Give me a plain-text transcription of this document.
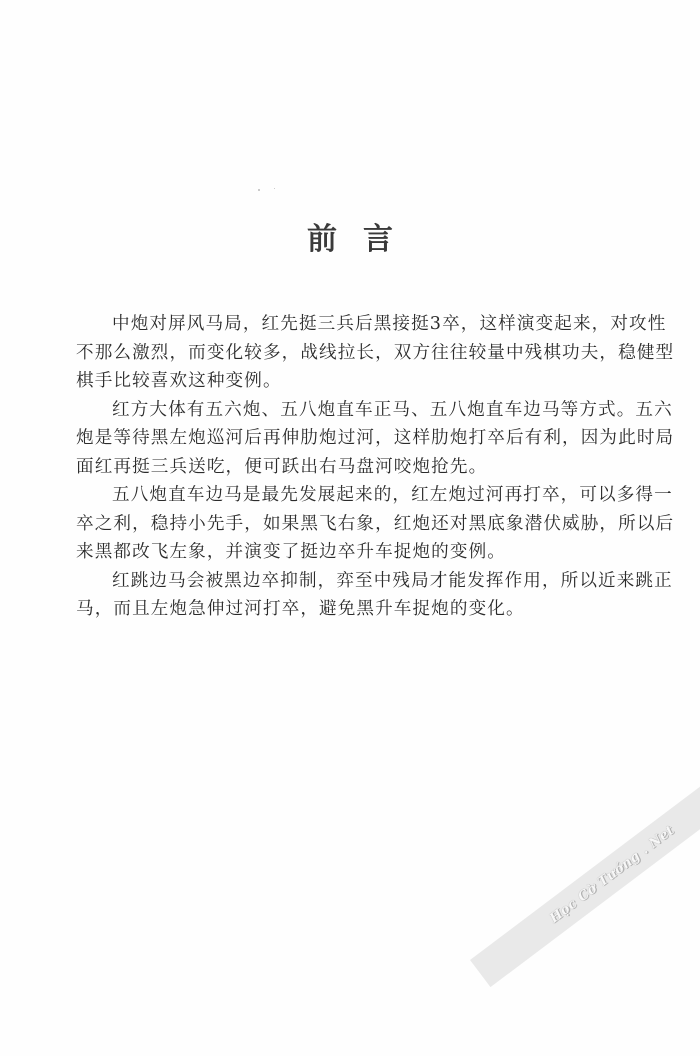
前言
中炮对屏风马局，红先挺三兵后黑接挺3卒，这样演变起来，对攻性
不那么激烈，而变化较多，战线拉长，双方往往较量中残棋功夫，稳健型
棋手比较喜欢这种变例。
红方大体有五六炮、五八炮直车正马、五八炮直车边马等方式。五六
炮是等待黑左炮巡河后再伸肋炮过河，这样肋炮打卒后有利，因为此时局
面红再挺三兵送吃，便可跃出右马盘河咬炮抢先。
五八炮直车边马是最先发展起来的，红左炮过河再打卒，可以多得一
卒之利，稳持小先手，如果黑飞右象，红炮还对黑底象潜伏威胁，所以后
来黑都改飞左象，并演变了挺边卒升车捉炮的变例。
红跳边马会被黑边卒抑制，弈至中残局才能发挥作用，所以近来跳正
马，而且左炮急伸过河打卒，避免黑升车捉炮的变化。
Học Cờ Tướng . Net
